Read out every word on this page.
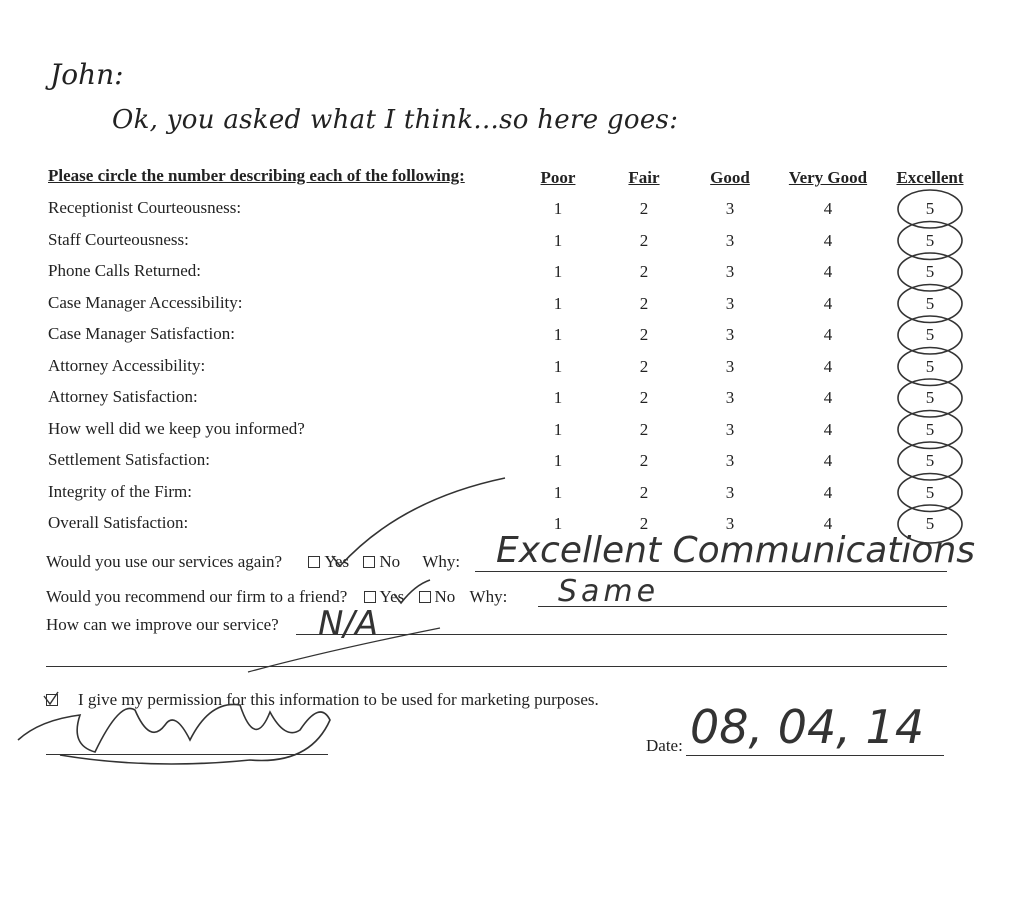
John:
Ok, you asked what I think...so here goes:
Please circle the number describing each of the following:	Poor	Fair	Good	Very Good	Excellent
Receptionist Courteousness:	1	2	3	4	5
Staff Courteousness:	1	2	3	4	5
Phone Calls Returned:	1	2	3	4	5
Case Manager Accessibility:	1	2	3	4	5
Case Manager Satisfaction:	1	2	3	4	5
Attorney Accessibility:	1	2	3	4	5
Attorney Satisfaction:	1	2	3	4	5
How well did we keep you informed?	1	2	3	4	5
Settlement Satisfaction:	1	2	3	4	5
Integrity of the Firm:	1	2	3	4	5
Overall Satisfaction:	1	2	3	4	5
Would you use our services again? Yes No Why: Excellent Communications
Would you recommend our firm to a friend? Yes No Why: Same
How can we improve our service? N/A
I give my permission for this information to be used for marketing purposes.
Date: 08, 04, 14
